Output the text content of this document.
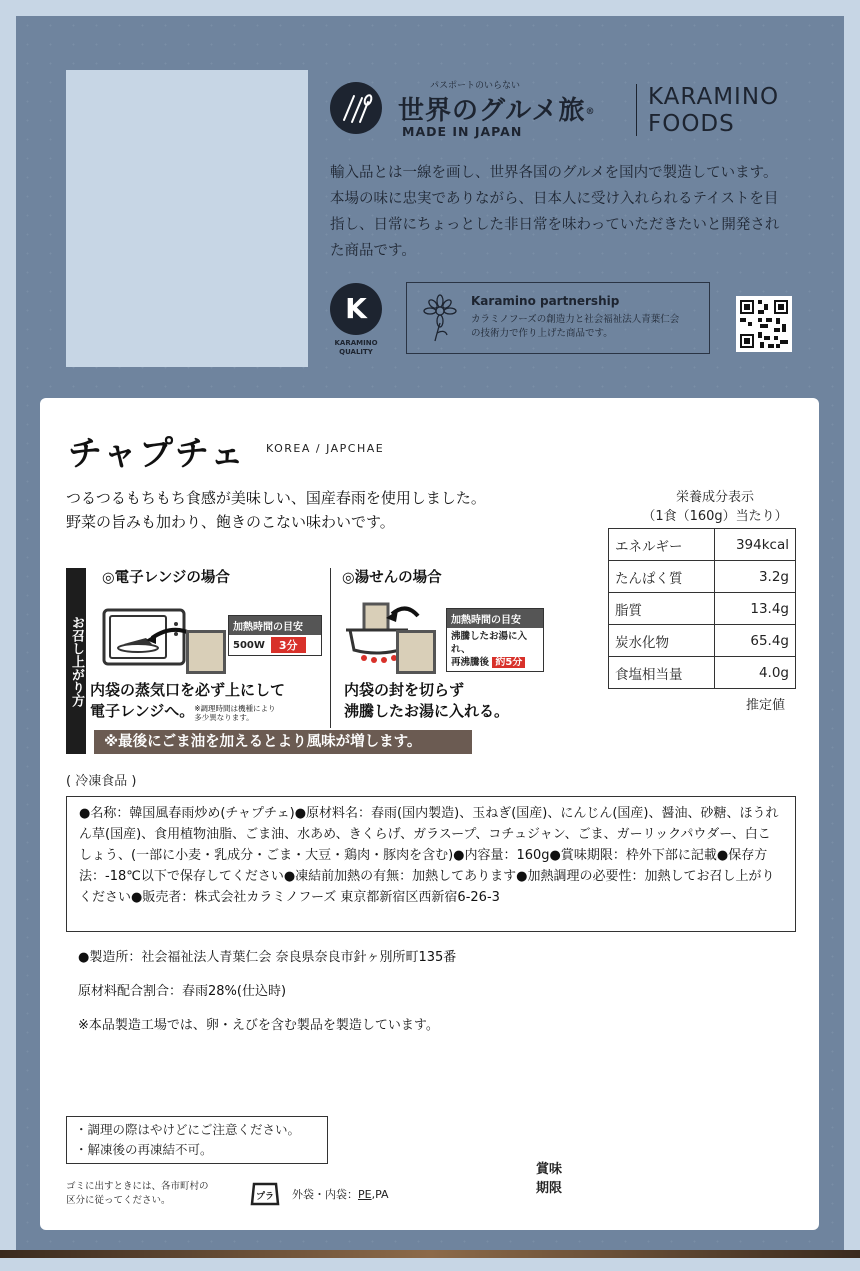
パスポートのいらない
世界のグルメ旅®
MADE IN JAPAN
KARAMINO
FOODS

輸入品とは一線を画し、世界各国のグルメを国内で製造しています。

本場の味に忠実でありながら、日本人に受け入れられるテイストを目

指し、日常にちょっとした非日常を味わっていただきたいと開発され

た商品です。

K
KARAMINO
QUALITY
Karamino partnership
カラミノフーズの創造力と社会福祉法人青葉仁会
の技術力で作り上げた商品です。
チャプチェ KOREA / JAPCHAE

つるつるもちもち食感が美味しい、国産春雨を使用しました。

野菜の旨みも加わり、飽きのこない味わいです。

栄養成分表示
（1食（160g）当たり）
エネルギー	394kcal
たんぱく質	3.2g
脂質	13.4g
炭水化物	65.4g
食塩相当量	4.0g
推定値
お召し上がり方
◎電子レンジの場合
加熱時間の目安
500W	3分
内袋の蒸気口を必ず上にして
電子レンジへ。※調理時間は機種により
多少異なります。
◎湯せんの場合
加熱時間の目安
沸騰したお湯に入れ、
再沸騰後 約5分
内袋の封を切らず
沸騰したお湯に入れる。
※最後にごま油を加えるとより風味が増します。
( 冷凍食品 )
●名称：韓国風春雨炒め(チャプチェ)●原材料名：春雨(国内製造)、玉ねぎ(国産)、にんじん(国産)、醤油、砂糖、ほうれん草(国産)、食用植物油脂、ごま油、水あめ、きくらげ、ガラスープ、コチュジャン、ごま、ガーリックパウダー、白こしょう、(一部に小麦・乳成分・ごま・大豆・鶏肉・豚肉を含む)●内容量：160g●賞味期限：枠外下部に記載●保存方法：-18℃以下で保存してください●凍結前加熱の有無：加熱してあります●加熱調理の必要性：加熱してお召し上がりください●販売者：株式会社カラミノフーズ 東京都新宿区西新宿6-26-3
●製造所：社会福祉法人青葉仁会 奈良県奈良市針ヶ別所町135番
原材料配合割合：春雨28%(仕込時)
※本品製造工場では、卵・えびを含む製品を製造しています。

・調理の際はやけどにご注意ください。

・解凍後の再凍結不可。

ゴミに出すときには、各市町村の
区分に従ってください。	プラ 外袋・内袋：PE,PA
賞味
期限
